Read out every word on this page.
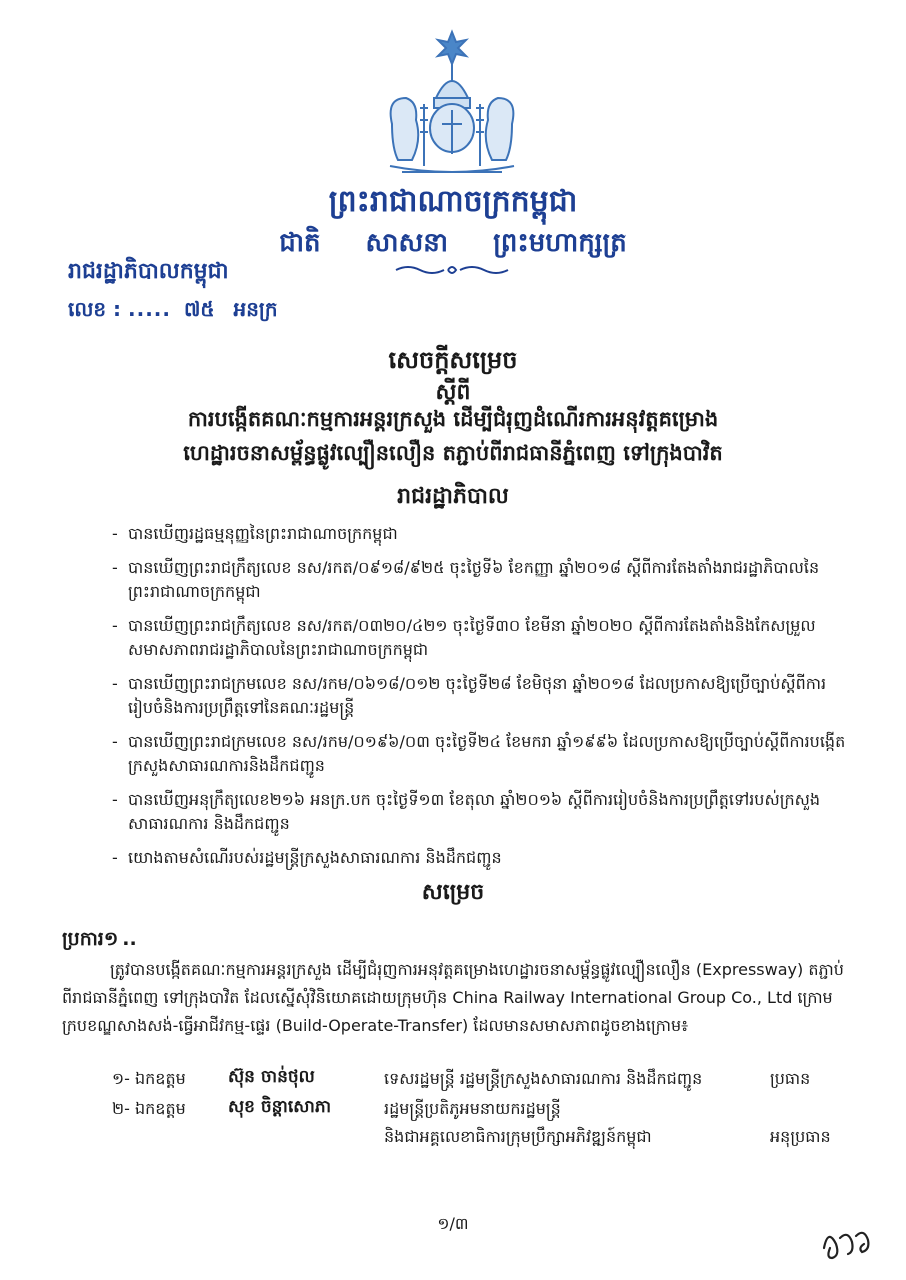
ព្រះរាជាណាចក្រកម្ពុជា
ជាតិ សាសនា ព្រះមហាក្សត្រ
រាជរដ្ឋាភិបាលកម្ពុជា
លេខ : ..... ៧៥ អនក្រ
សេចក្តីសម្រេច
ស្តីពី
ការបង្កើតគណៈកម្មការអន្តរក្រសួង ដើម្បីជំរុញដំណើរការអនុវត្តគម្រោង
ហេដ្ឋារចនាសម្ព័ន្ធផ្លូវល្បឿនលឿន តភ្ជាប់ពីរាជធានីភ្នំពេញ ទៅក្រុងបាវិត
រាជរដ្ឋាភិបាល
- បានឃើញរដ្ឋធម្មនុញ្ញនៃព្រះរាជាណាចក្រកម្ពុជា
- បានឃើញព្រះរាជក្រឹត្យលេខ នស/រកត/០៩១៨/៩២៥ ចុះថ្ងៃទី៦ ខែកញ្ញា ឆ្នាំ២០១៨ ស្តីពីការតែងតាំងរាជរដ្ឋាភិបាលនៃព្រះរាជាណាចក្រកម្ពុជា
- បានឃើញព្រះរាជក្រឹត្យលេខ នស/រកត/០៣២០/៤២១ ចុះថ្ងៃទី៣០ ខែមីនា ឆ្នាំ២០២០ ស្តីពីការតែងតាំងនិងកែសម្រួលសមាសភាពរាជរដ្ឋាភិបាលនៃព្រះរាជាណាចក្រកម្ពុជា
- បានឃើញព្រះរាជក្រមលេខ នស/រកម/០៦១៨/០១២ ចុះថ្ងៃទី២៨ ខែមិថុនា ឆ្នាំ២០១៨ ដែលប្រកាសឱ្យប្រើច្បាប់ស្តីពីការរៀបចំនិងការប្រព្រឹត្តទៅនៃគណៈរដ្ឋមន្ត្រី
- បានឃើញព្រះរាជក្រមលេខ នស/រកម/០១៩៦/០៣ ចុះថ្ងៃទី២៤ ខែមករា ឆ្នាំ១៩៩៦ ដែលប្រកាសឱ្យប្រើច្បាប់ស្តីពីការបង្កើតក្រសួងសាធារណការនិងដឹកជញ្ជូន
- បានឃើញអនុក្រឹត្យលេខ២១៦ អនក្រ.បក ចុះថ្ងៃទី១៣ ខែតុលា ឆ្នាំ២០១៦ ស្តីពីការរៀបចំនិងការប្រព្រឹត្តទៅរបស់ក្រសួងសាធារណការ និងដឹកជញ្ជូន
- យោងតាមសំណើរបស់រដ្ឋមន្ត្រីក្រសួងសាធារណការ និងដឹកជញ្ជូន
សម្រេច
ប្រការ១ ..

ត្រូវបានបង្កើតគណៈកម្មការអន្តរក្រសួង ដើម្បីជំរុញការអនុវត្តគម្រោងហេដ្ឋារចនាសម្ព័ន្ធផ្លូវល្បឿនលឿន (Expressway) តភ្ជាប់ពីរាជធានីភ្នំពេញ ទៅក្រុងបាវិត ដែលស្នើសុំវិនិយោគដោយក្រុមហ៊ុន China Railway International Group Co., Ltd ក្រោមក្របខណ្ឌសាងសង់-ធ្វើអាជីវកម្ម-ផ្ទេរ (Build-Operate-Transfer) ដែលមានសមាសភាពដូចខាងក្រោម៖

១- ឯកឧត្តម ស៊ុន ចាន់ថុល	ទេសរដ្ឋមន្ត្រី រដ្ឋមន្ត្រីក្រសួងសាធារណការ និងដឹកជញ្ជូន	ប្រធាន
២- ឯកឧត្តម សុខ ចិន្តាសោភា	រដ្ឋមន្ត្រីប្រតិភូអមនាយករដ្ឋមន្ត្រី
និងជាអគ្គលេខាធិការក្រុមប្រឹក្សាអភិវឌ្ឍន៍កម្ពុជា	អនុប្រធាន
១/៣
